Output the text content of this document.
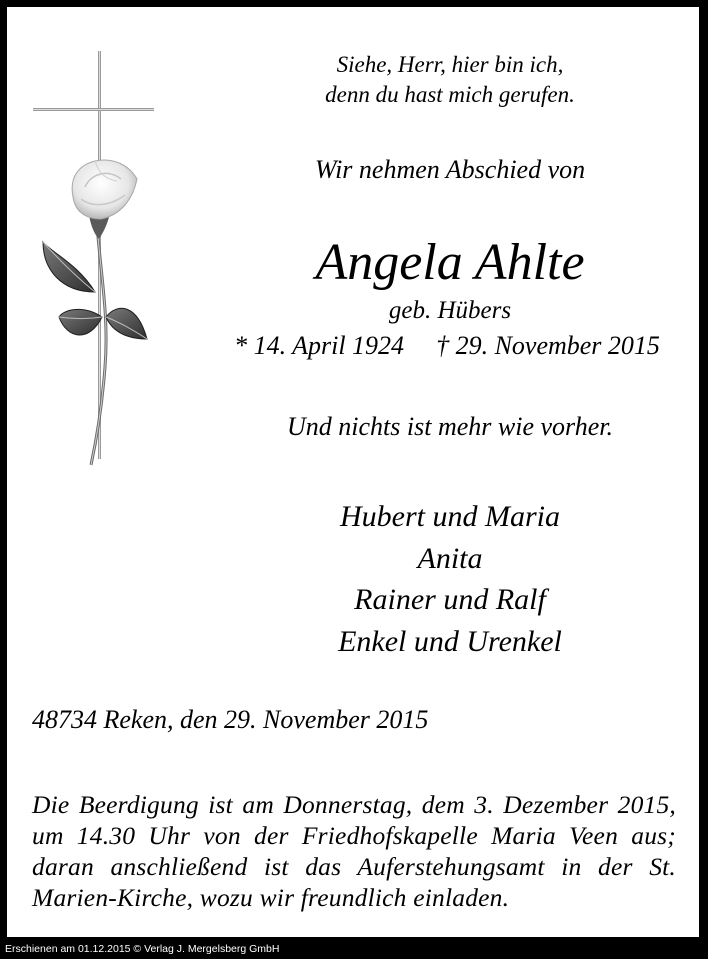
Siehe, Herr, hier bin ich,
denn du hast mich gerufen.
Wir nehmen Abschied von
Angela Ahlte
geb. Hübers
* 14. April 1924 † 29. November 2015
Und nichts ist mehr wie vorher.
Hubert und Maria
Anita
Rainer und Ralf
Enkel und Urenkel
48734 Reken, den 29. November 2015
Die Beerdigung ist am Donnerstag, dem 3. Dezember 2015, um 14.30 Uhr von der Friedhofskapelle Maria Veen aus; daran anschließend ist das Auferstehungsamt in der St. Marien-Kirche, wozu wir freundlich einladen.
Erschienen am 01.12.2015 © Verlag J. Mergelsberg GmbH
